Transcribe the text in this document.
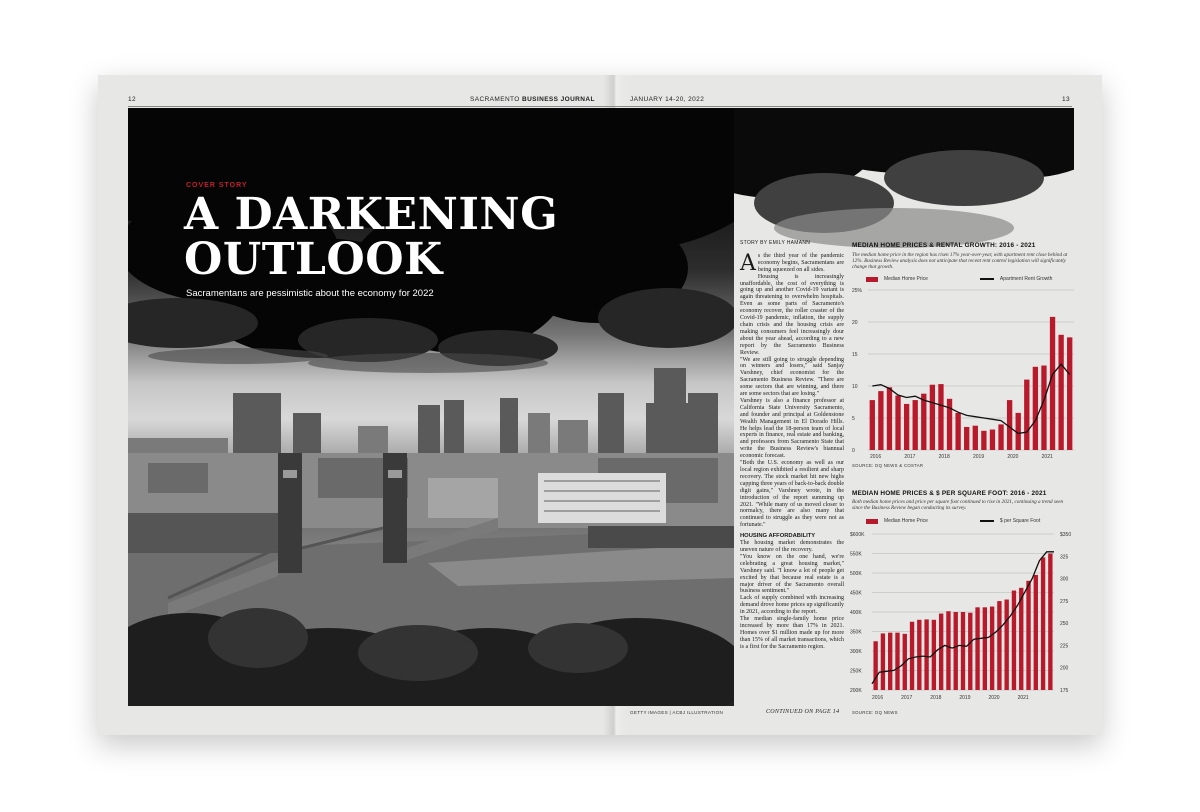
12	SACRAMENTO BUSINESS JOURNAL	JANUARY 14-20, 2022	13
COVER STORY
A DARKENING
OUTLOOK
Sacramentans are pessimistic about the economy for 2022
GETTY IMAGES | ACBJ ILLUSTRATION
STORY BY EMILY HAMANN

As the third year of the pandemic economy begins, Sacramentans are being squeezed on all sides.

Housing is increasingly unaffordable, the cost of everything is going up and another Covid-19 variant is again threatening to overwhelm hospitals. Even as some parts of Sacramento's economy recover, the roller coaster of the Covid-19 pandemic, inflation, the supply chain crisis and the housing crisis are making consumers feel increasingly dour about the year ahead, according to a new report by the Sacramento Business Review.

"We are still going to struggle depending on winners and losers," said Sanjay Varshney, chief economist for the Sacramento Business Review. "There are some sectors that are winning, and there are some sectors that are losing."

Varshney is also a finance professor at California State University Sacramento, and founder and principal at Goldenstone Wealth Management in El Dorado Hills. He helps lead the 18-person team of local experts in finance, real estate and banking, and professors from Sacramento State that write the Business Review's biannual economic forecast.

"Both the U.S. economy as well as our local region exhibited a resilient and sharp recovery. The stock market hit new highs capping three years of back-to-back double digit gains," Varshney wrote, in the introduction of the report summing up 2021. "While many of us moved closer to normalcy, there are also many that continued to struggle as they were not as fortunate."

HOUSING AFFORDABILITY

The housing market demonstrates the uneven nature of the recovery.

"You know on the one hand, we're celebrating a great housing market," Varshney said. "I know a lot of people get excited by that because real estate is a major driver of the Sacramento overall business sentiment."

Lack of supply combined with increasing demand drove home prices up significantly in 2021, according to the report.

The median single-family home price increased by more than 17% in 2021. Homes over $1 million made up for more than 15% of all market transactions, which is a first for the Sacramento region.

CONTINUED ON PAGE 14
MEDIAN HOME PRICES & RENTAL GROWTH: 2016 - 2021
The median home price in the region has risen 17% year-over-year, with apartment rent close behind at 12%. Business Review analysis does not anticipate that recent rent control legislation will significantly change that growth.
Median Home Price	Apartment Rent Growth
0
5
10
15
20
25%
2016	2017	2018	2019	2020	2021
SOURCE: DQ NEWS & COSTAR
MEDIAN HOME PRICES & $ PER SQUARE FOOT: 2016 - 2021
Both median home prices and price per square foot continued to rise in 2021, continuing a trend seen since the Business Review began conducting its survey.
Median Home Price	$ per Square Foot
200K
250K
300K
350K
400K
450K
500K
550K
$600K
175
200
225
250
275
300
325
$350
2016	2017	2018	2019	2020	2021
SOURCE: DQ NEWS
